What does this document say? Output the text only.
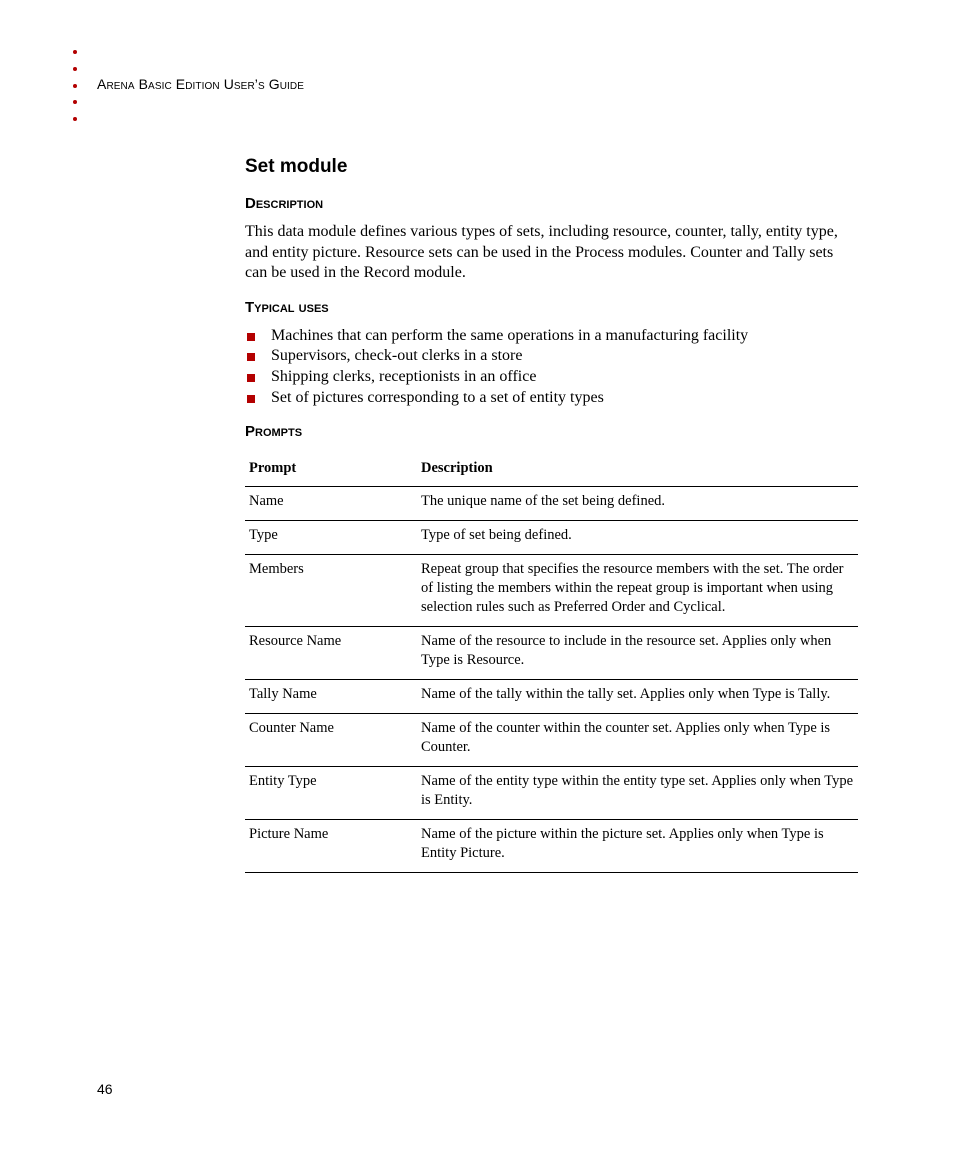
Arena Basic Edition User’s Guide
Set module
Description

This data module defines various types of sets, including resource, counter, tally, entity type, and entity picture. Resource sets can be used in the Process modules. Counter and Tally sets can be used in the Record module.

Typical uses
Machines that can perform the same operations in a manufacturing facility
Supervisors, check-out clerks in a store
Shipping clerks, receptionists in an office
Set of pictures corresponding to a set of entity types
Prompts
Prompt	Description
Name	The unique name of the set being defined.
Type	Type of set being defined.
Members	Repeat group that specifies the resource members with the set. The order of listing the members within the repeat group is important when using selection rules such as Preferred Order and Cyclical.
Resource Name	Name of the resource to include in the resource set. Applies only when Type is Resource.
Tally Name	Name of the tally within the tally set. Applies only when Type is Tally.
Counter Name	Name of the counter within the counter set. Applies only when Type is Counter.
Entity Type	Name of the entity type within the entity type set. Applies only when Type is Entity.
Picture Name	Name of the picture within the picture set. Applies only when Type is Entity Picture.
46
